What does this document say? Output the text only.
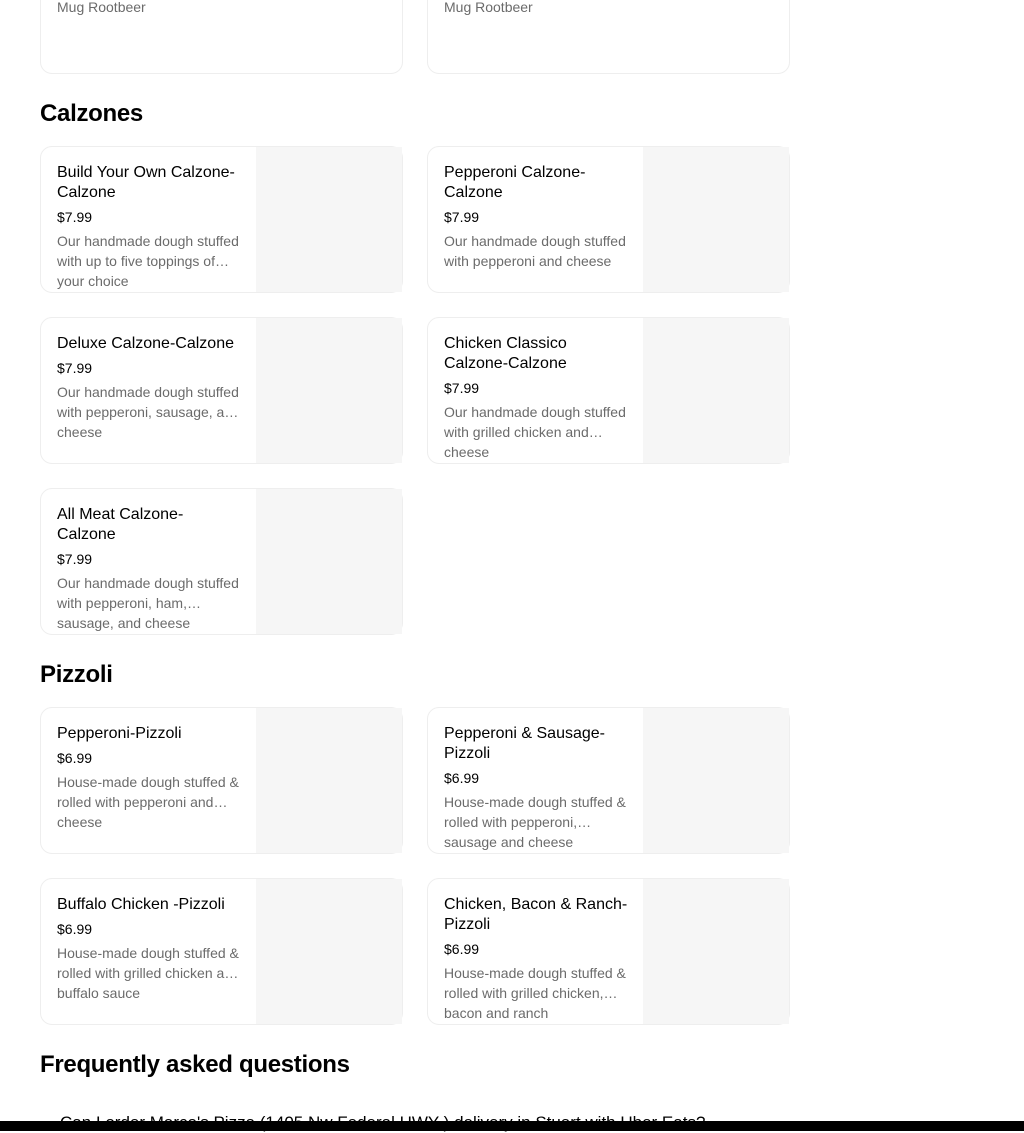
Mug Rootbeer	Mug Rootbeer
Calzones
Build Your Own Calzone-Calzone
$7.99
Our handmade dough stuffed with up to five toppings of your choice
Pepperoni Calzone-Calzone
$7.99
Our handmade dough stuffed with pepperoni and cheese
Deluxe Calzone-Calzone
$7.99
Our handmade dough stuffed with pepperoni, sausage, and cheese
Chicken Classico Calzone-Calzone
$7.99
Our handmade dough stuffed with grilled chicken and cheese
All Meat Calzone-Calzone
$7.99
Our handmade dough stuffed with pepperoni, ham, sausage, and cheese
Pizzoli
Pepperoni-Pizzoli
$6.99
House-made dough stuffed & rolled with pepperoni and cheese
Pepperoni & Sausage-Pizzoli
$6.99
House-made dough stuffed & rolled with pepperoni, sausage and cheese
Buffalo Chicken -Pizzoli
$6.99
House-made dough stuffed & rolled with grilled chicken and buffalo sauce
Chicken, Bacon & Ranch-Pizzoli
$6.99
House-made dough stuffed & rolled with grilled chicken, bacon and ranch
Frequently asked questions
